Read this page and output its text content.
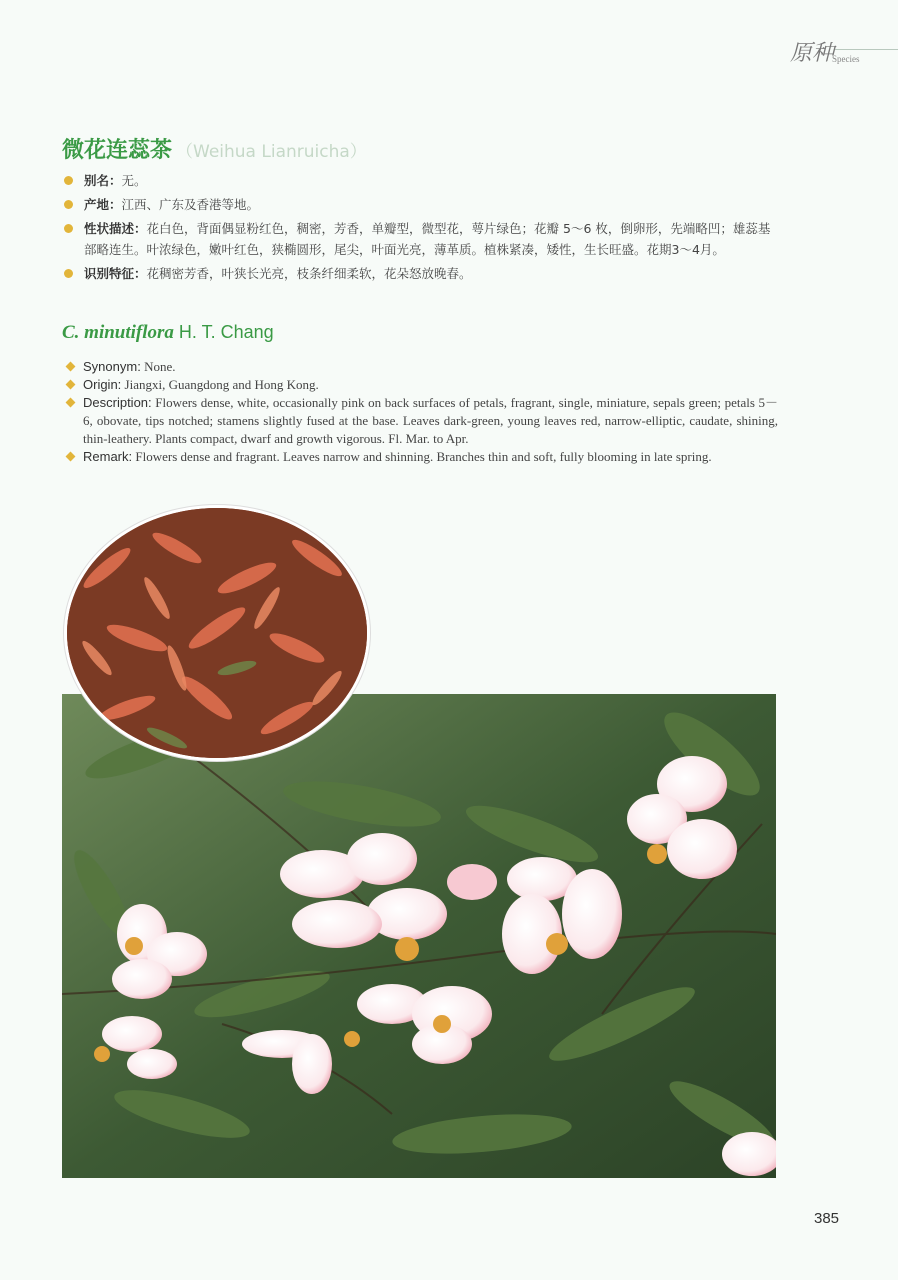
原种
Species
微花连蕊茶 （Weihua Lianruicha）
别名：无。
产地：江西、广东及香港等地。
性状描述：花白色，背面偶显粉红色，稠密，芳香，单瓣型，微型花，萼片绿色；花瓣 5～6 枚，倒卵形，先端略凹；雄蕊基部略连生。叶浓绿色，嫩叶红色，狭椭圆形，尾尖，叶面光亮，薄革质。植株紧凑，矮性，生长旺盛。花期3～4月。
识别特征：花稠密芳香，叶狭长光亮，枝条纤细柔软，花朵怒放晚春。
C. minutiflora H. T. Chang
Synonym: None.
Origin: Jiangxi, Guangdong and Hong Kong.
Description: Flowers dense, white, occasionally pink on back surfaces of petals, fragrant, single, miniature, sepals green; petals 5－6, obovate, tips notched; stamens slightly fused at the base. Leaves dark-green, young leaves red, narrow-elliptic, caudate, shining, thin-leathery. Plants compact, dwarf and growth vigorous. Fl. Mar. to Apr.
Remark: Flowers dense and fragrant. Leaves narrow and shinning. Branches thin and soft, fully blooming in late spring.
385
